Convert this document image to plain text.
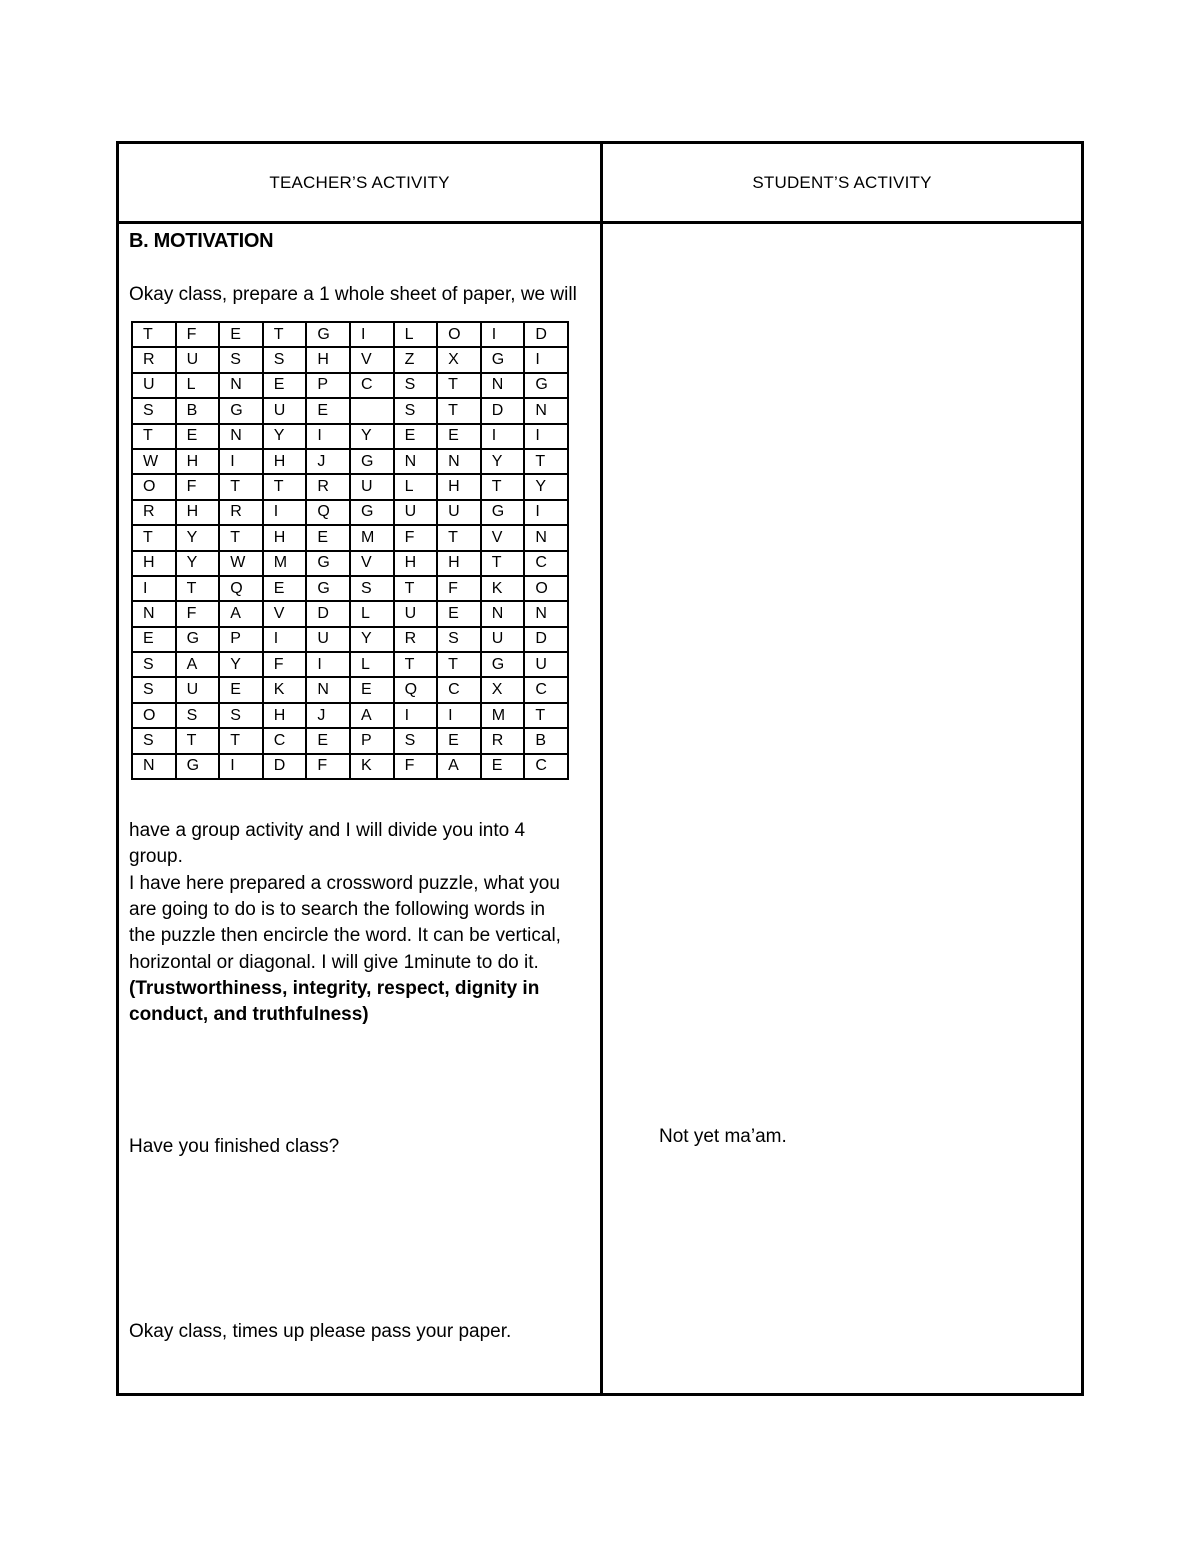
TEACHER’S ACTIVITY	STUDENT’S ACTIVITY
B. MOTIVATION
Okay class, prepare a 1 whole sheet of paper, we will
T	F	E	T	G	I	L	O	I	D
R	U	S	S	H	V	Z	X	G	I
U	L	N	E	P	C	S	T	N	G
S	B	G	U	E		S	T	D	N
T	E	N	Y	I	Y	E	E	I	I
W	H	I	H	J	G	N	N	Y	T
O	F	T	T	R	U	L	H	T	Y
R	H	R	I	Q	G	U	U	G	I
T	Y	T	H	E	M	F	T	V	N
H	Y	W	M	G	V	H	H	T	C
I	T	Q	E	G	S	T	F	K	O
N	F	A	V	D	L	U	E	N	N
E	G	P	I	U	Y	R	S	U	D
S	A	Y	F	I	L	T	T	G	U
S	U	E	K	N	E	Q	C	X	C
O	S	S	H	J	A	I	I	M	T
S	T	T	C	E	P	S	E	R	B
N	G	I	D	F	K	F	A	E	C
have a group activity and I will divide you into 4
group.
I have here prepared a crossword puzzle, what you
are going to do is to search the following words in
the puzzle then encircle the word. It can be vertical,
horizontal or diagonal. I will give 1minute to do it.
(Trustworthiness, integrity, respect, dignity in
conduct, and truthfulness)
Have you finished class?
Okay class, times up please pass your paper.
Not yet ma’am.
